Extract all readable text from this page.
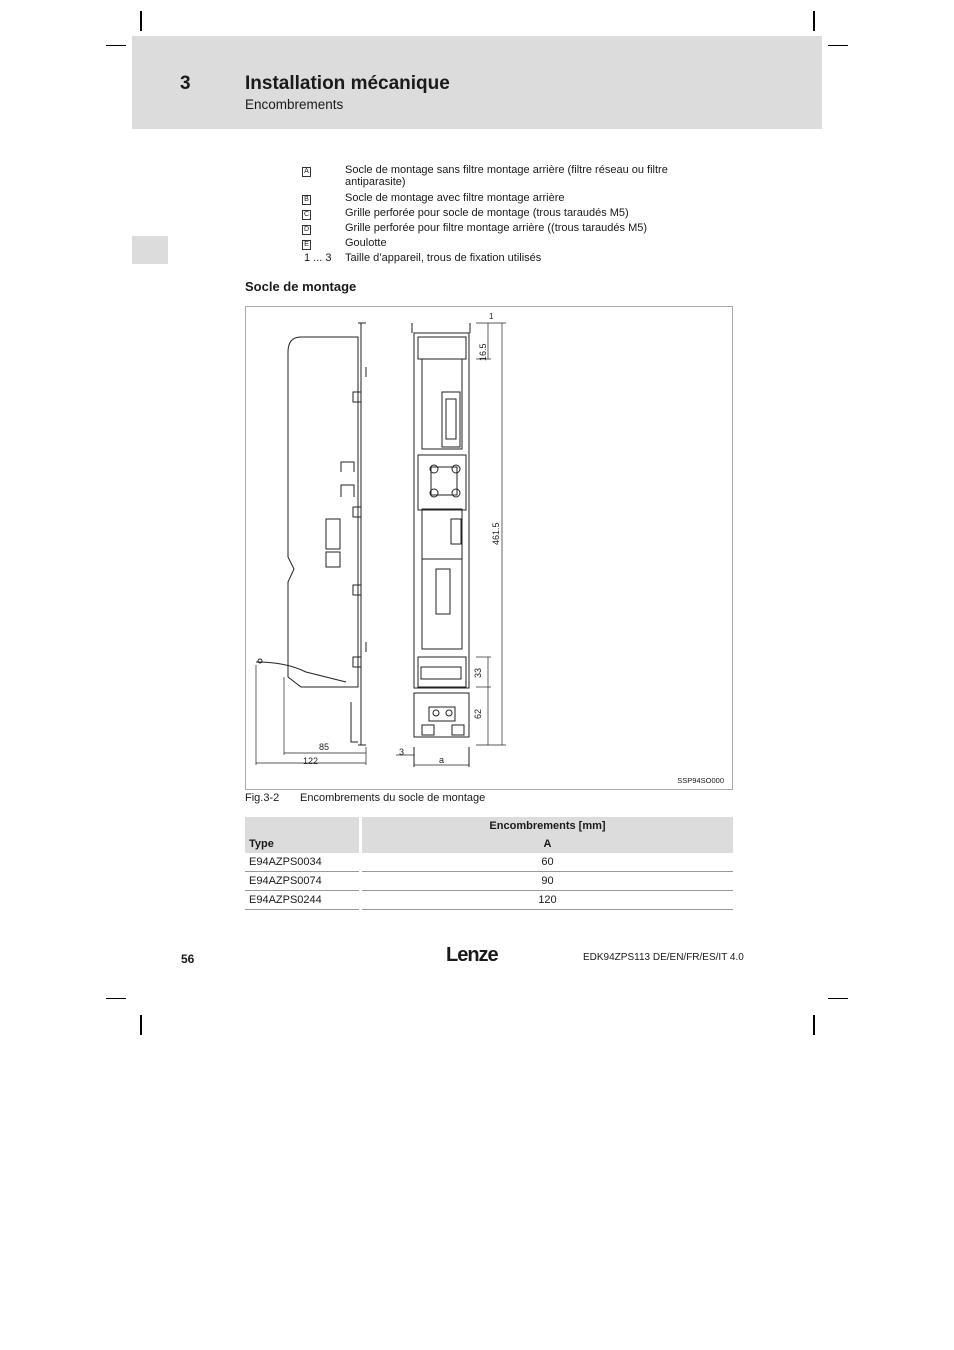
3	Installation mécanique
Encombrements
A	Socle de montage sans filtre montage arrière (filtre réseau ou filtre antiparasite)
B	Socle de montage avec filtre montage arrière
C	Grille perforée pour socle de montage (trous taraudés M5)
D	Grille perforée pour filtre montage arrière ((trous taraudés M5)
E	Goulotte
1 ... 3	Taille d’appareil, trous de fixation utilisés
Socle de montage
85
122
1
3
a
16.5
461.5
33
62
SSP94SO000
Fig.3-2 Encombrements du socle de montage
	Encombrements [mm]
Type	A
E94AZPS0034	60
E94AZPS0074	90
E94AZPS0244	120
56	Lenze	EDK94ZPS113 DE/EN/FR/ES/IT 4.0
